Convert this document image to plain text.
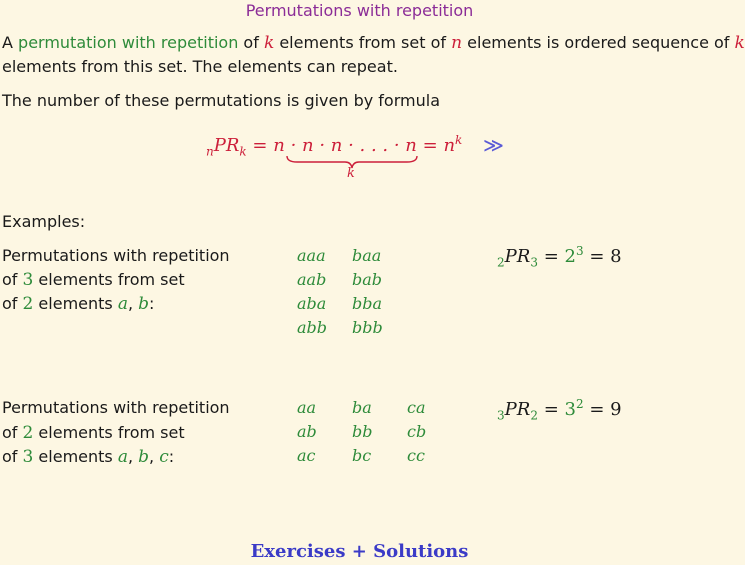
Permutations with repetition
A permutation with repetition of k elements from set of n elements is ordered sequence of k
elements from this set. The elements can repeat.
The number of these permutations is given by formula
$_nPR_k = n \cdot n \cdot n$ · . . . · $n = n^k$
k
≫
Examples:
Permutations with repetition
of 3 elements from set
of 2 elements a, b:
aaa
aab
aba
abb
baa
bab
bba
bbb
$_2PR_3 = 2^3 = 8$
Permutations with repetition
of 2 elements from set
of 3 elements a, b, c:
aa
ab
ac
ba
bb
bc
ca
cb
cc
$_3PR_2 = 3^2 = 9$
Exercises + Solutions
